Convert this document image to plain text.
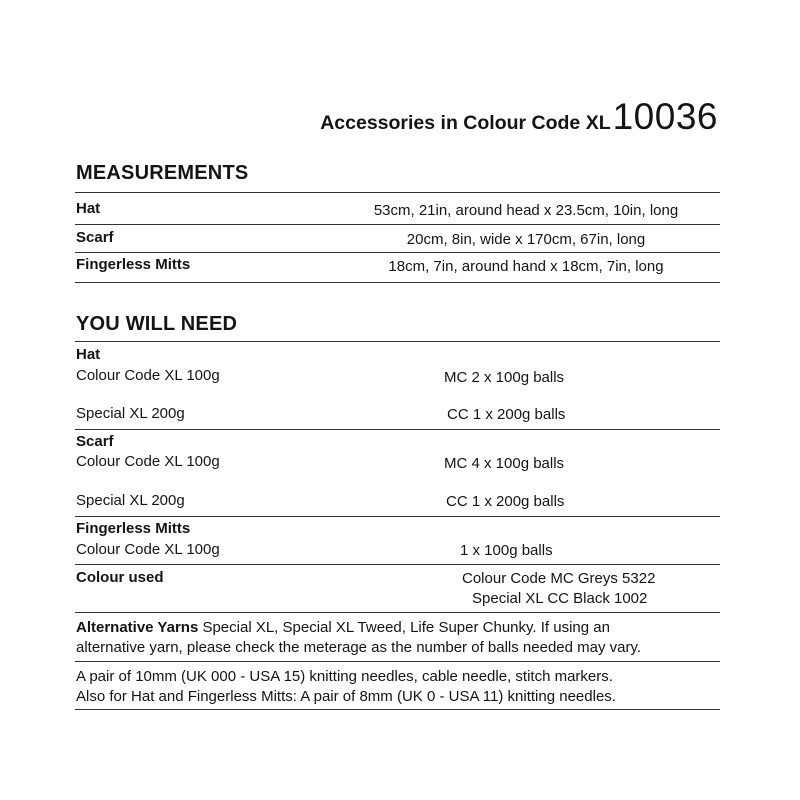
Accessories in Colour Code XL 10036
MEASUREMENTS
Hat	53cm, 21in, around head x 23.5cm, 10in, long
Scarf	20cm, 8in, wide x 170cm, 67in, long
Fingerless Mitts	18cm, 7in, around hand x 18cm, 7in, long
YOU WILL NEED
Hat
Colour Code XL 100g	MC 2 x 100g balls
Special XL 200g	CC 1 x 200g balls
Scarf
Colour Code XL 100g	MC 4 x 100g balls
Special XL 200g	CC 1 x 200g balls
Fingerless Mitts
Colour Code XL 100g	1 x 100g balls
Colour used	Colour Code MC Greys 5322
Special XL CC Black 1002
Alternative Yarns Special XL, Special XL Tweed, Life Super Chunky. If using an
alternative yarn, please check the meterage as the number of balls needed may vary.
A pair of 10mm (UK 000 - USA 15) knitting needles, cable needle, stitch markers.
Also for Hat and Fingerless Mitts: A pair of 8mm (UK 0 - USA 11) knitting needles.
